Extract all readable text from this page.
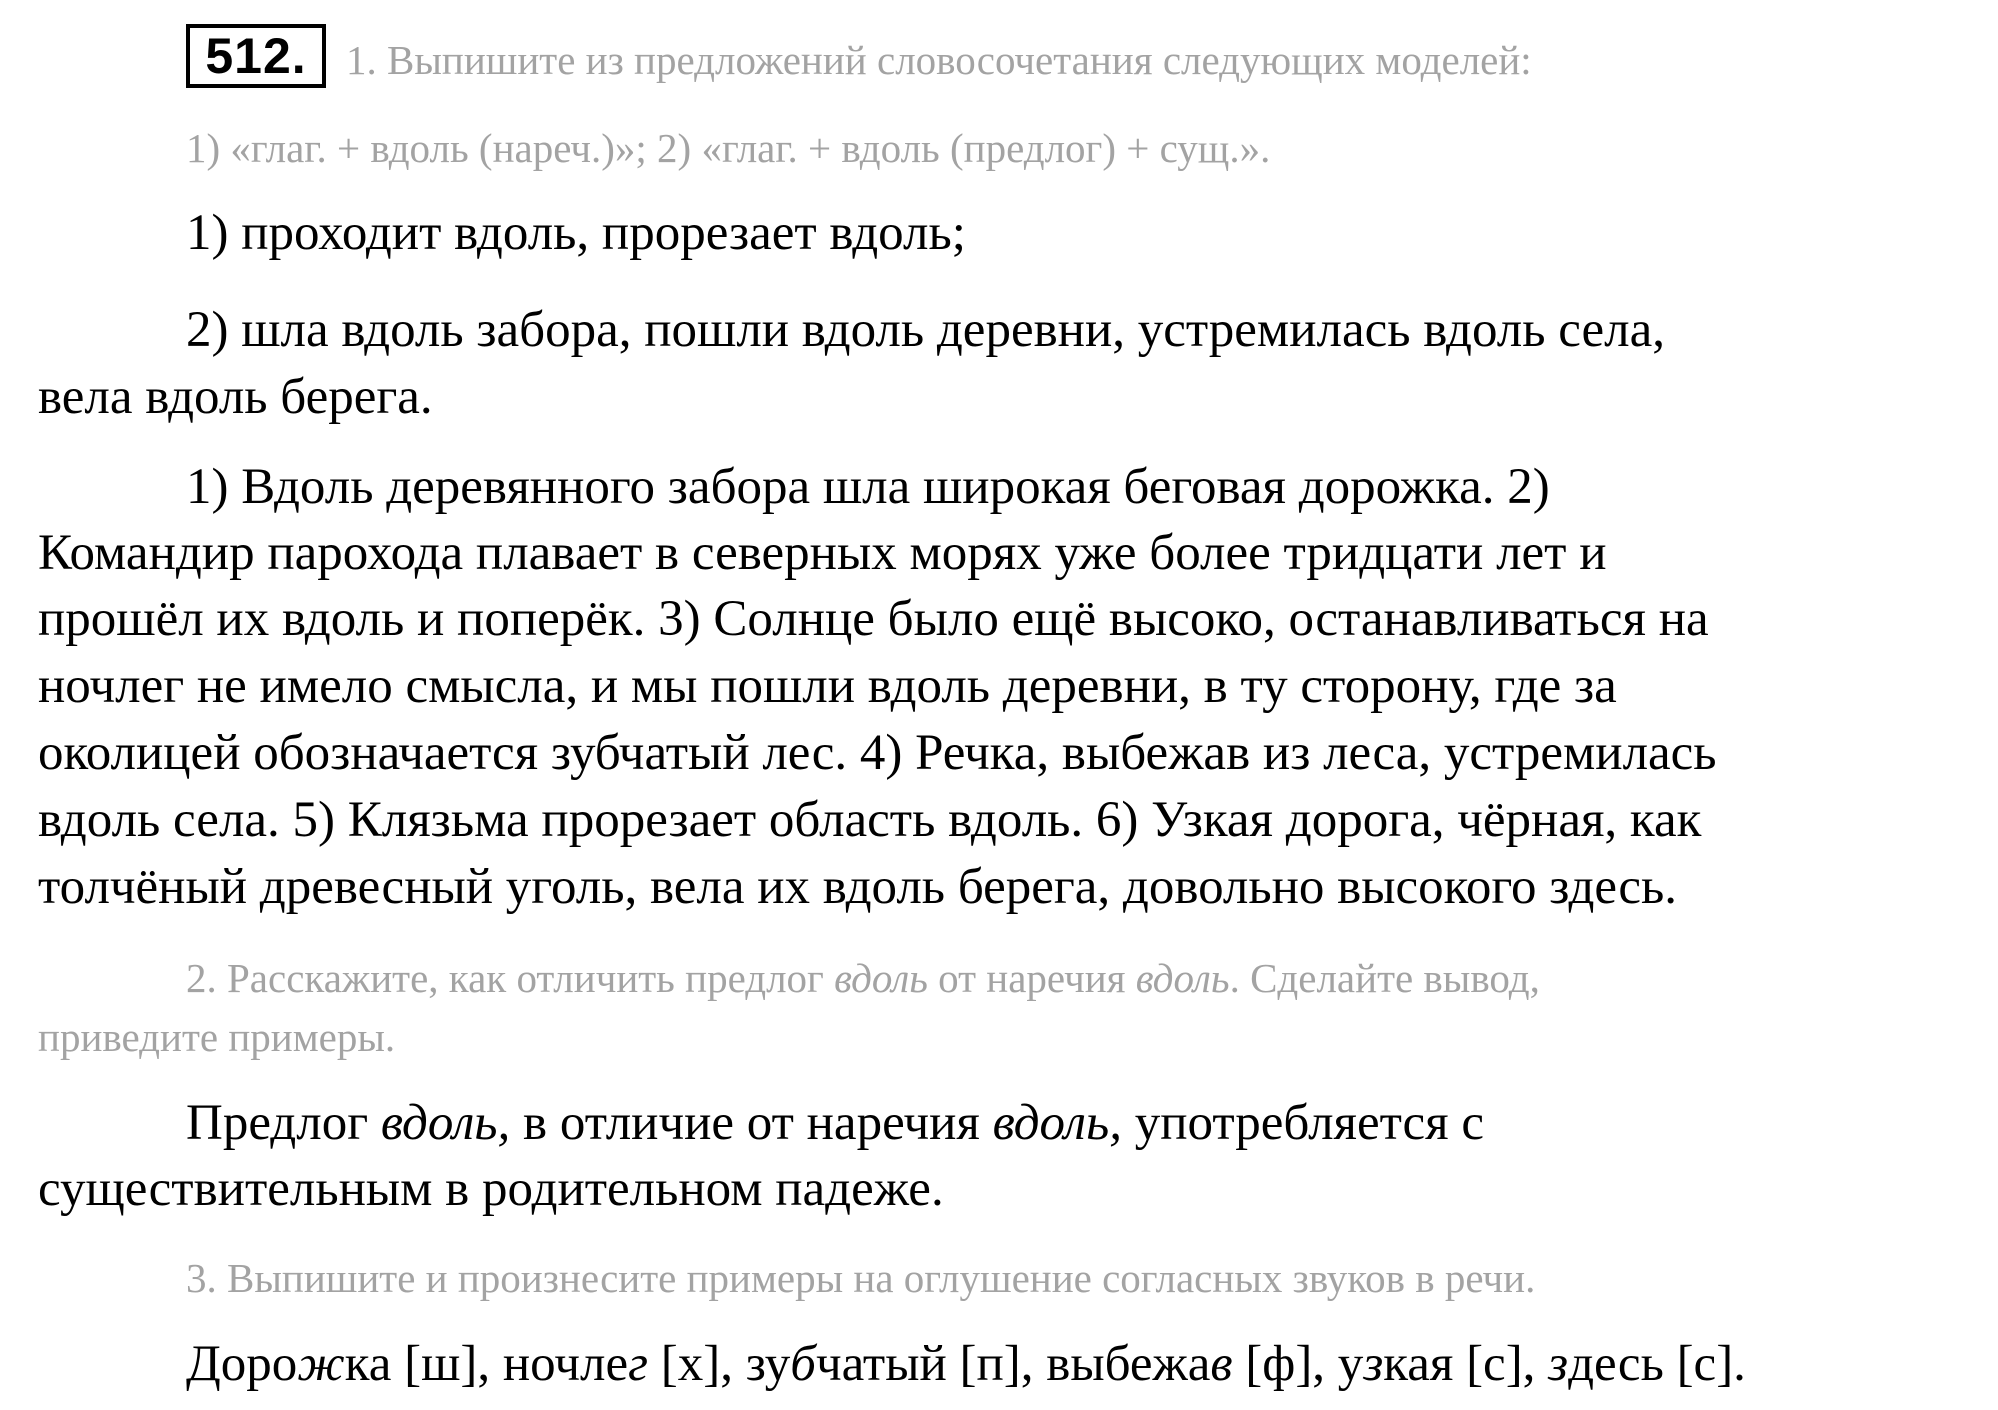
512. 1. Выпишите из предложений словосочетания следующих моделей:
1) «глаг. + вдоль (нареч.)»; 2) «глаг. + вдоль (предлог) + сущ.».
1) проходит вдоль, прорезает вдоль;
2) шла вдоль забора, пошли вдоль деревни, устремилась вдоль села,
вела вдоль берега.
1) Вдоль деревянного забора шла широкая беговая дорожка. 2)
Командир парохода плавает в северных морях уже более тридцати лет и
прошёл их вдоль и поперёк. 3) Солнце было ещё высоко, останавливаться на
ночлег не имело смысла, и мы пошли вдоль деревни, в ту сторону, где за
околицей обозначается зубчатый лес. 4) Речка, выбежав из леса, устремилась
вдоль села. 5) Клязьма прорезает область вдоль. 6) Узкая дорога, чёрная, как
толчёный древесный уголь, вела их вдоль берега, довольно высокого здесь.
2. Расскажите, как отличить предлог вдоль от наречия вдоль. Сделайте вывод,
приведите примеры.
Предлог вдоль, в отличие от наречия вдоль, употребляется с
существительным в родительном падеже.
3. Выпишите и произнесите примеры на оглушение согласных звуков в речи.
Дорожка [ш], ночлег [х], зубчатый [п], выбежав [ф], узкая [с], здесь [с].
